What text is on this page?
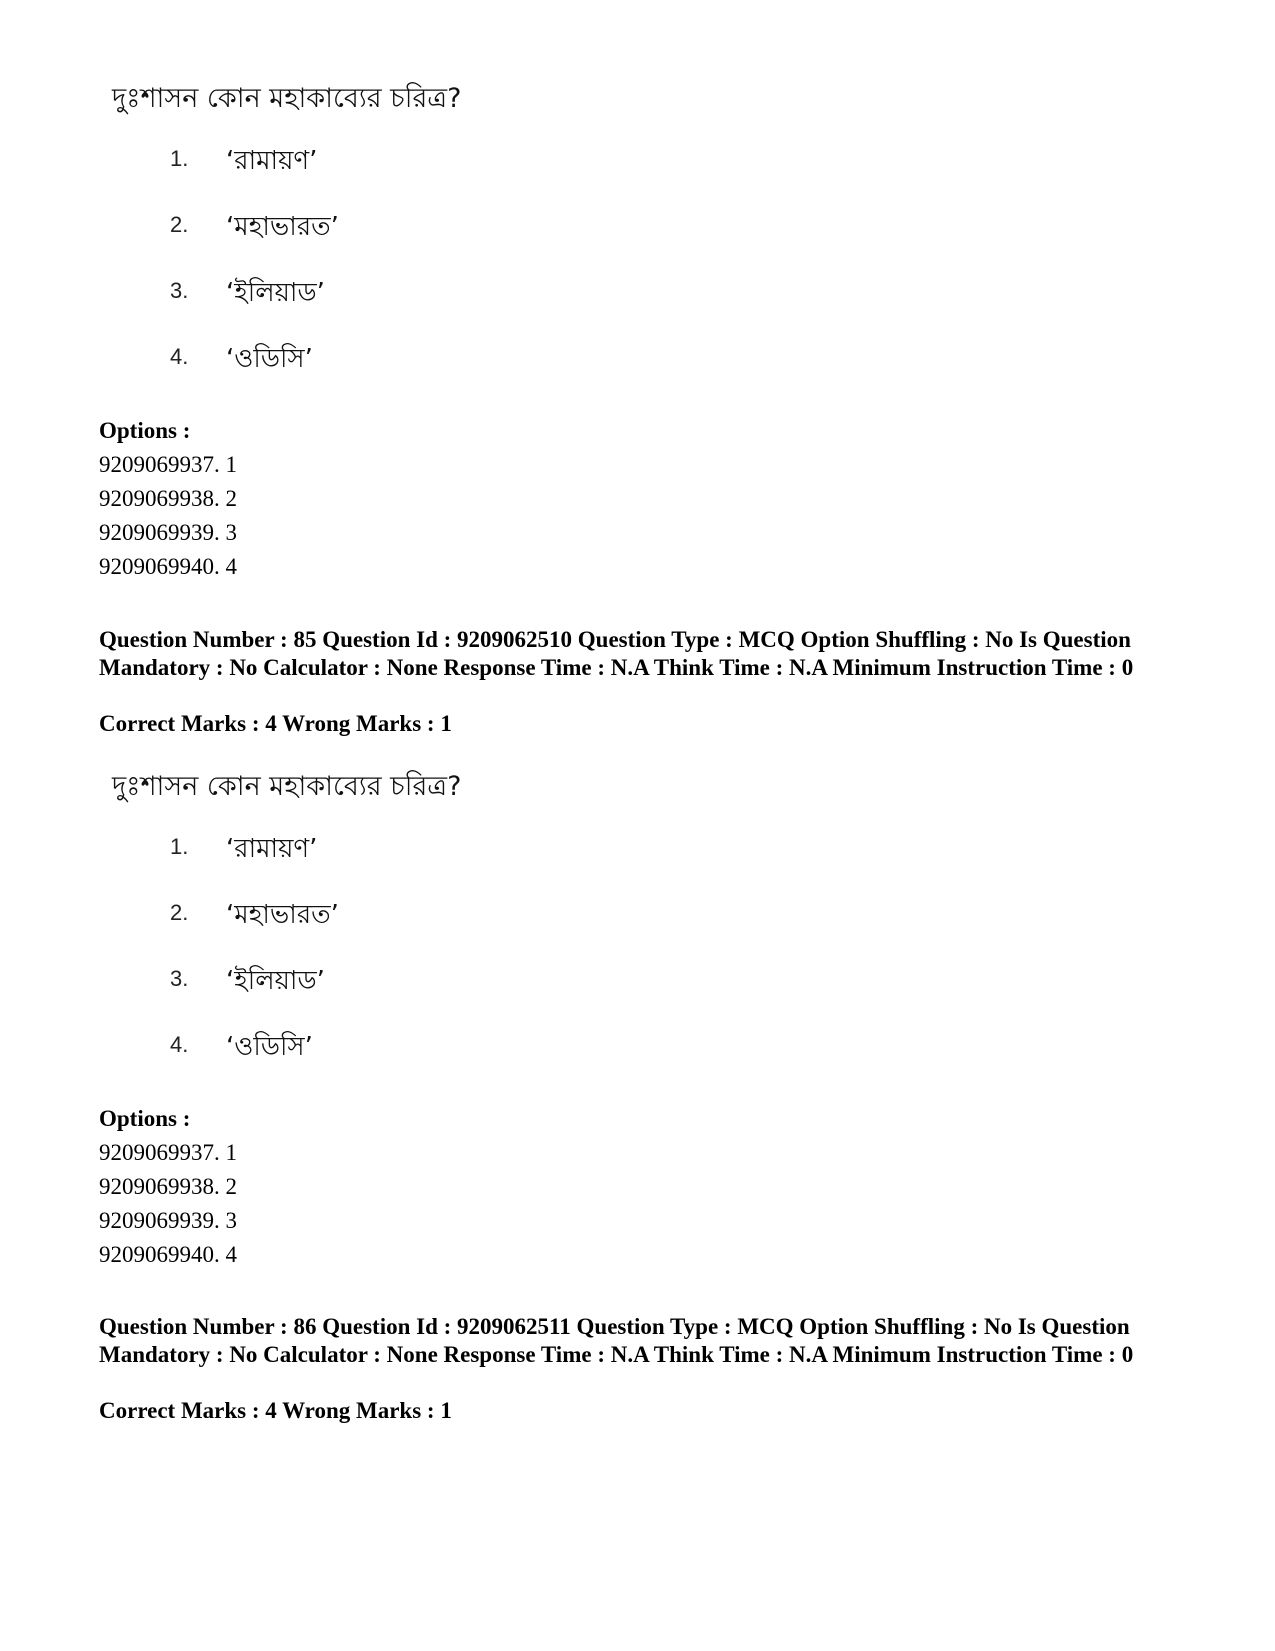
দুঃশাসন কোন মহাকাব্যের চরিত্র?
1. ‘রামায়ণ’
2. ‘মহাভারত’
3. ‘ইলিয়াড’
4. ‘ওডিসি’
Options :
9209069937. 1
9209069938. 2
9209069939. 3
9209069940. 4
Question Number : 85 Question Id : 9209062510 Question Type : MCQ Option Shuffling : No Is Question Mandatory : No Calculator : None Response Time : N.A Think Time : N.A Minimum Instruction Time : 0
Correct Marks : 4 Wrong Marks : 1
দুঃশাসন কোন মহাকাব্যের চরিত্র?
1. ‘রামায়ণ’
2. ‘মহাভারত’
3. ‘ইলিয়াড’
4. ‘ওডিসি’
Options :
9209069937. 1
9209069938. 2
9209069939. 3
9209069940. 4
Question Number : 86 Question Id : 9209062511 Question Type : MCQ Option Shuffling : No Is Question Mandatory : No Calculator : None Response Time : N.A Think Time : N.A Minimum Instruction Time : 0
Correct Marks : 4 Wrong Marks : 1
